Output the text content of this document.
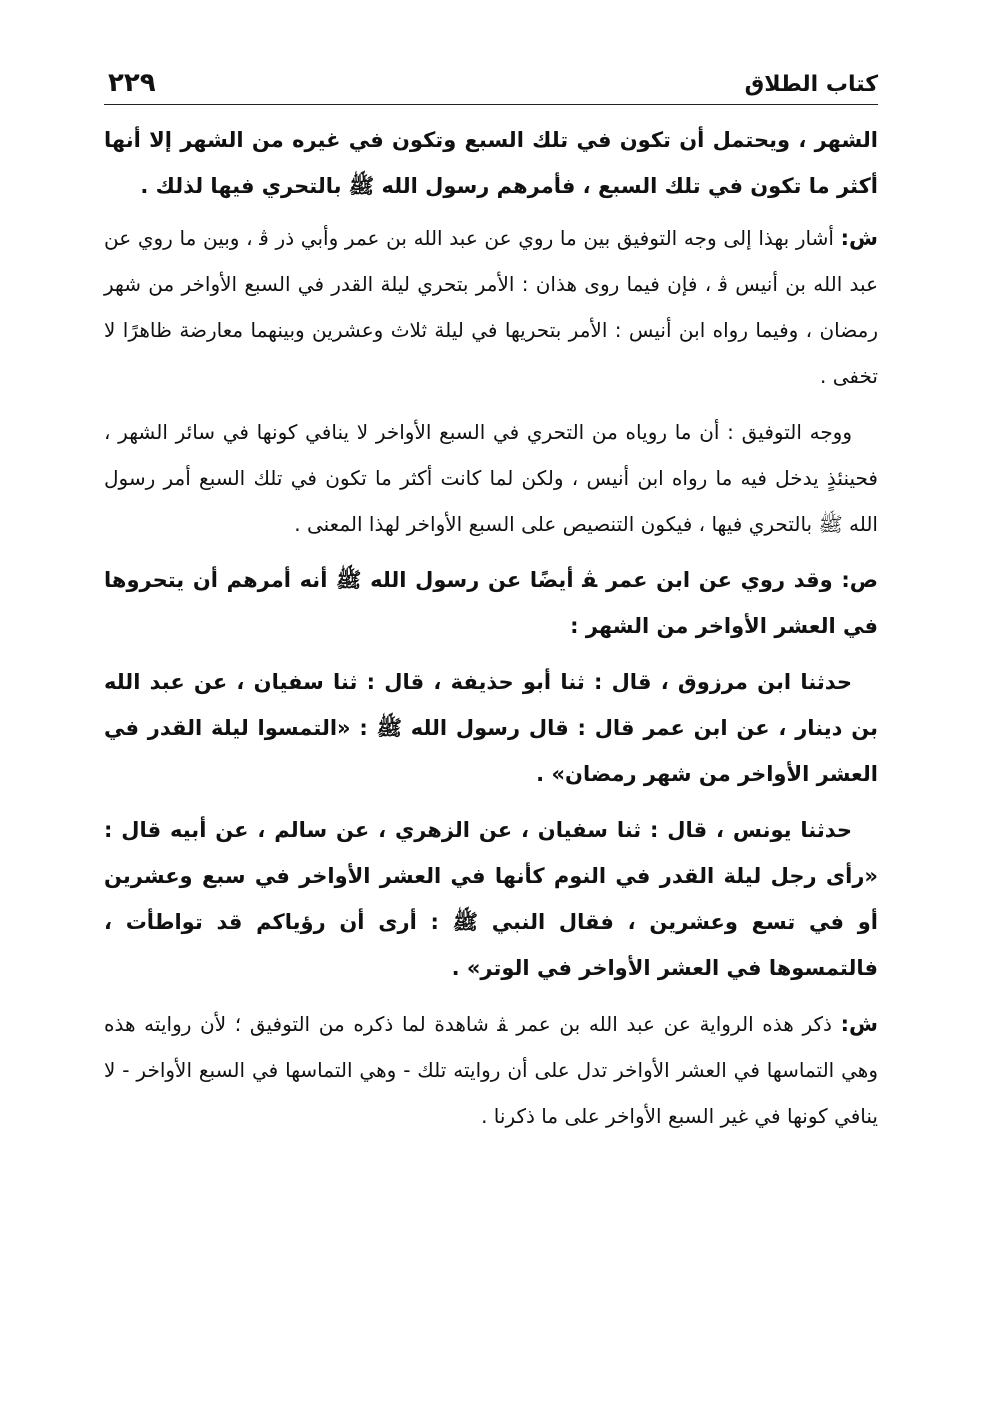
كتاب الطلاق
٢٢٩

الشهر ، ويحتمل أن تكون في تلك السبع وتكون في غيره من الشهر إلا أنها أكثر ما تكون في تلك السبع ، فأمرهم رسول الله ﷺ بالتحري فيها لذلك .

ش: أشار بهذا إلى وجه التوفيق بين ما روي عن عبد الله بن عمر وأبي ذر ﭬ ، وبين ما روي عن عبد الله بن أنيس ﭬ ، فإن فيما روى هذان : الأمر بتحري ليلة القدر في السبع الأواخر من شهر رمضان ، وفيما رواه ابن أنيس : الأمر بتحريها في ليلة ثلاث وعشرين وبينهما معارضة ظاهرًا لا تخفى .

ووجه التوفيق : أن ما روياه من التحري في السبع الأواخر لا ينافي كونها في سائر الشهر ، فحينئذٍ يدخل فيه ما رواه ابن أنيس ، ولكن لما كانت أكثر ما تكون في تلك السبع أمر رسول الله ﷺ بالتحري فيها ، فيكون التنصيص على السبع الأواخر لهذا المعنى .

ص: وقد روي عن ابن عمر ﭭ أيضًا عن رسول الله ﷺ أنه أمرهم أن يتحروها في العشر الأواخر من الشهر :

حدثنا ابن مرزوق ، قال : ثنا أبو حذيفة ، قال : ثنا سفيان ، عن عبد الله بن دينار ، عن ابن عمر قال : قال رسول الله ﷺ : «التمسوا ليلة القدر في العشر الأواخر من شهر رمضان» .

حدثنا يونس ، قال : ثنا سفيان ، عن الزهري ، عن سالم ، عن أبيه قال : «رأى رجل ليلة القدر في النوم كأنها في العشر الأواخر في سبع وعشرين أو في تسع وعشرين ، فقال النبي ﷺ : أرى أن رؤياكم قد تواطأت ، فالتمسوها في العشر الأواخر في الوتر» .

ش: ذكر هذه الرواية عن عبد الله بن عمر ﭭ شاهدة لما ذكره من التوفيق ؛ لأن روايته هذه وهي التماسها في العشر الأواخر تدل على أن روايته تلك - وهي التماسها في السبع الأواخر - لا ينافي كونها في غير السبع الأواخر على ما ذكرنا .
